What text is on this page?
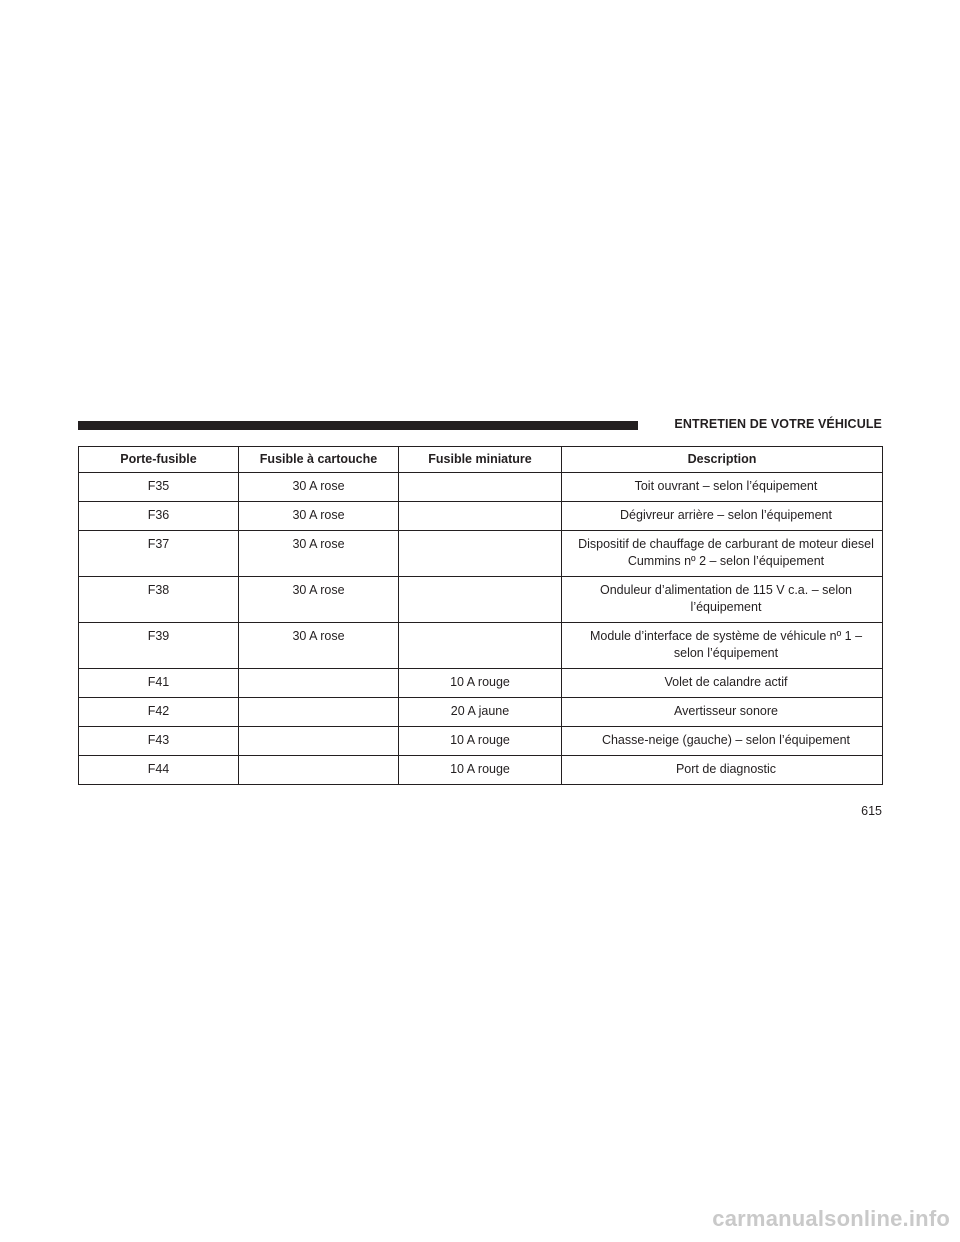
ENTRETIEN DE VOTRE VÉHICULE
Porte-fusible	Fusible à cartouche	Fusible miniature	Description
F35	30 A rose		Toit ouvrant – selon l’équipement
F36	30 A rose		Dégivreur arrière – selon l’équipement
F37	30 A rose		Dispositif de chauffage de carburant de moteur diesel Cummins nº 2 – selon l’équipement
F38	30 A rose		Onduleur d’alimentation de 115 V c.a. – selon l’équipement
F39	30 A rose		Module d’interface de système de véhicule nº 1 – selon l’équipement
F41		10 A rouge	Volet de calandre actif
F42		20 A jaune	Avertisseur sonore
F43		10 A rouge	Chasse-neige (gauche) – selon l’équipement
F44		10 A rouge	Port de diagnostic
615
carmanualsonline.info
